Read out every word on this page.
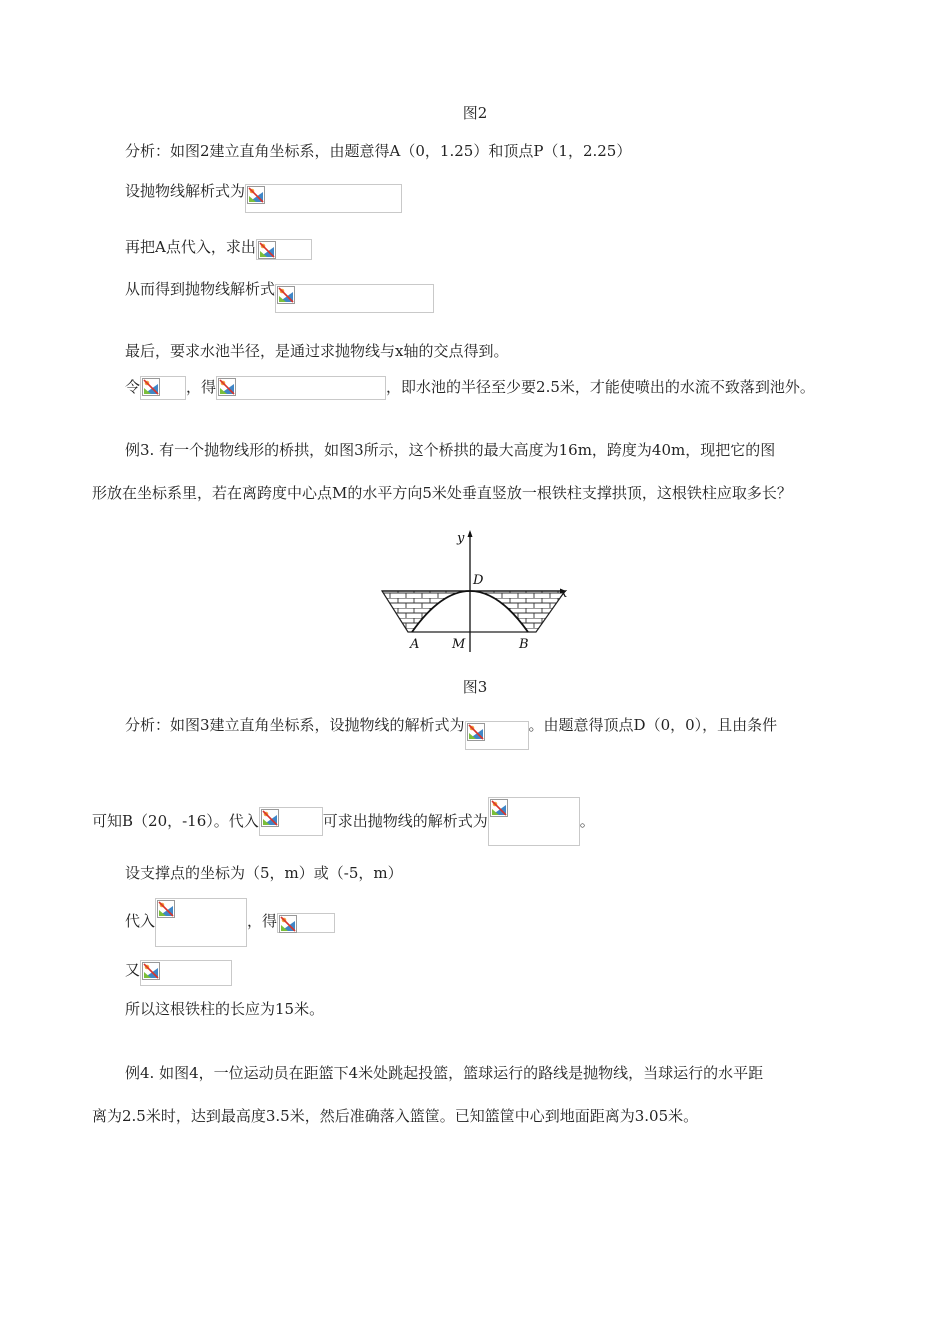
图2
分析：如图2建立直角坐标系，由题意得A（0，1.25）和顶点P（1，2.25）
设抛物线解析式为
再把A点代入，求出
从而得到抛物线解析式
最后，要求水池半径，是通过求抛物线与x轴的交点得到。
令	，得	，即水池的半径至少要2.5米，才能使喷出的水流不致落到池外。
例3. 有一个抛物线形的桥拱，如图3所示，这个桥拱的最大高度为16m，跨度为40m，现把它的图
形放在坐标系里，若在离跨度中心点M的水平方向5米处垂直竖放一根铁柱支撑拱顶，这根铁柱应取多长？
y
x
D
A	M	B
图3
分析：如图3建立直角坐标系，设抛物线的解析式为	。由题意得顶点D（0，0），且由条件
可知B（20，-16）。代入	可求出抛物线的解析式为	。
设支撑点的坐标为（5，m）或（-5，m）
代入	，得
又
所以这根铁柱的长应为15米。
例4. 如图4，一位运动员在距篮下4米处跳起投篮，篮球运行的路线是抛物线，当球运行的水平距
离为2.5米时，达到最高度3.5米，然后准确落入篮筐。已知篮筐中心到地面距离为3.05米。
